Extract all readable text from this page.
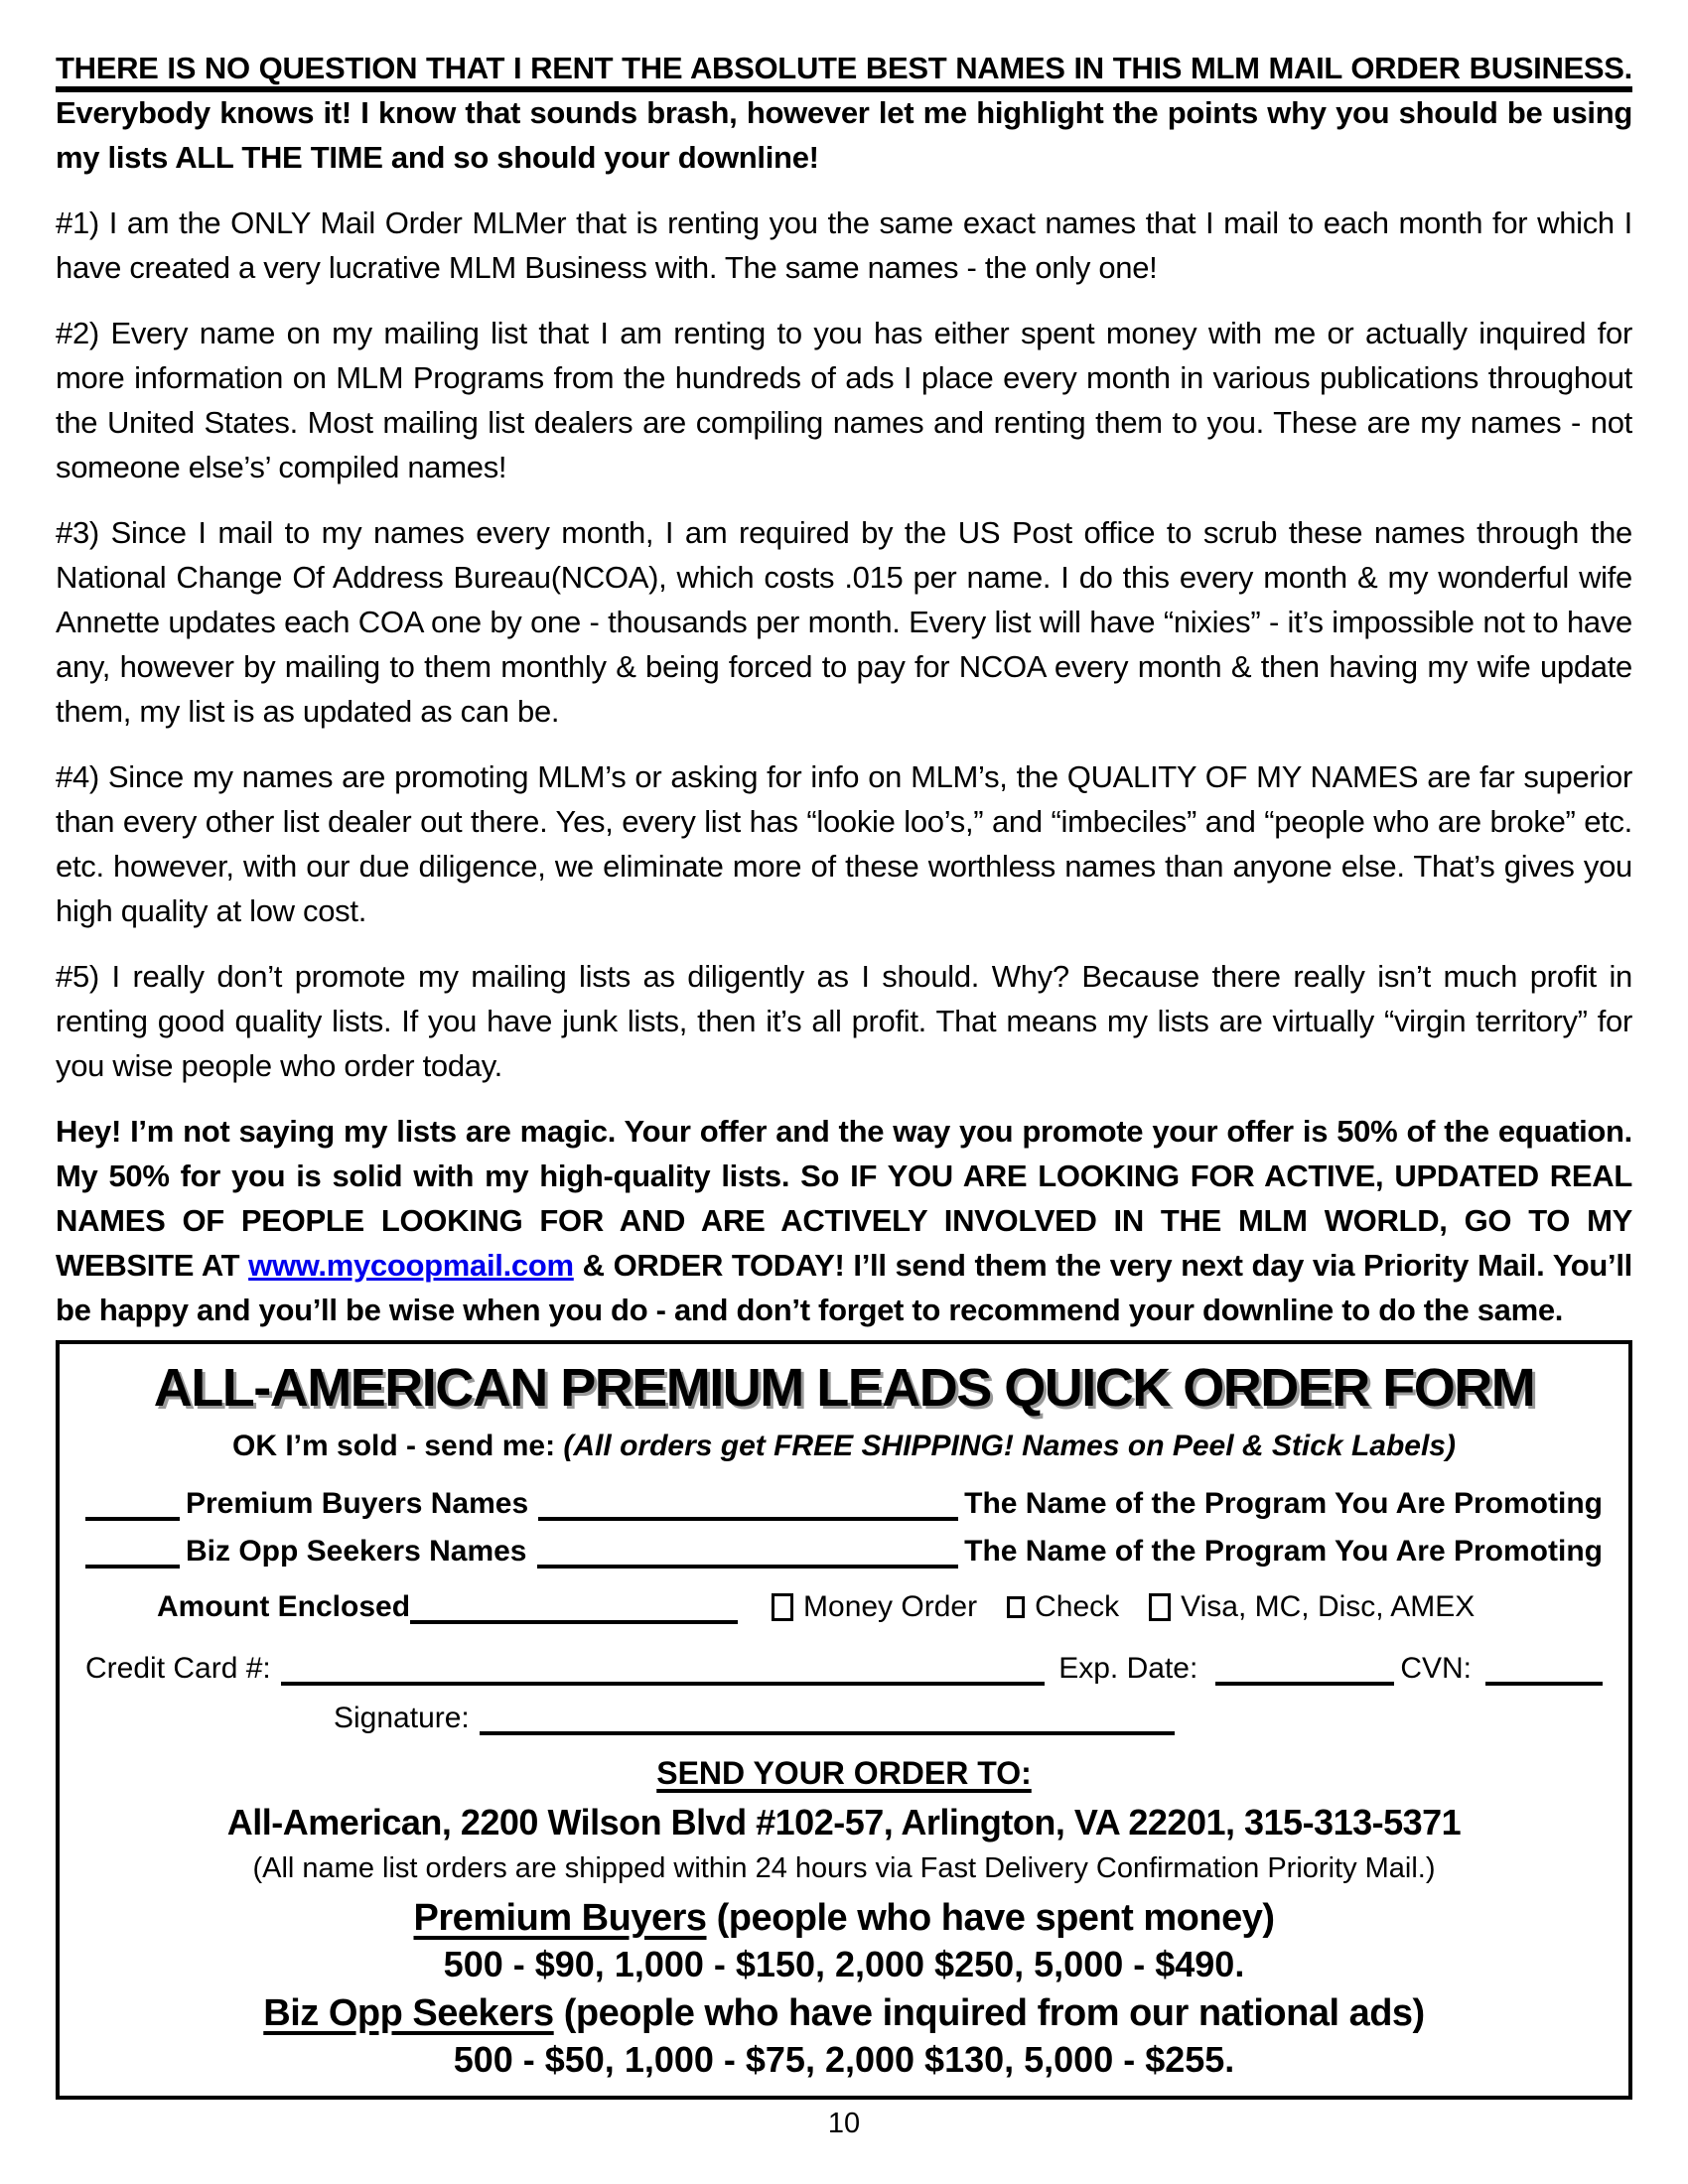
THERE IS NO QUESTION THAT I RENT THE ABSOLUTE BEST NAMES IN THIS MLM MAIL ORDER BUSINESS. Everybody knows it! I know that sounds brash, however let me highlight the points why you should be using my lists ALL THE TIME and so should your downline!

#1) I am the ONLY Mail Order MLMer that is renting you the same exact names that I mail to each month for which I have created a very lucrative MLM Business with. The same names - the only one!

#2) Every name on my mailing list that I am renting to you has either spent money with me or actually inquired for more information on MLM Programs from the hundreds of ads I place every month in various publications throughout the United States. Most mailing list dealers are compiling names and renting them to you. These are my names - not someone else’s’ compiled names!

#3) Since I mail to my names every month, I am required by the US Post office to scrub these names through the National Change Of Address Bureau(NCOA), which costs .015 per name. I do this every month & my wonderful wife Annette updates each COA one by one - thousands per month. Every list will have “nixies” - it’s impossible not to have any, however by mailing to them monthly & being forced to pay for NCOA every month & then having my wife update them, my list is as updated as can be.

#4) Since my names are promoting MLM’s or asking for info on MLM’s, the QUALITY OF MY NAMES are far superior than every other list dealer out there. Yes, every list has “lookie loo’s,” and “imbeciles” and “people who are broke” etc. etc. however, with our due diligence, we eliminate more of these worthless names than anyone else. That’s gives you high quality at low cost.

#5) I really don’t promote my mailing lists as diligently as I should. Why? Because there really isn’t much profit in renting good quality lists. If you have junk lists, then it’s all profit. That means my lists are virtually “virgin territory” for you wise people who order today.

Hey! I’m not saying my lists are magic. Your offer and the way you promote your offer is 50% of the equation. My 50% for you is solid with my high-quality lists. So IF YOU ARE LOOKING FOR ACTIVE, UPDATED REAL NAMES OF PEOPLE LOOKING FOR AND ARE ACTIVELY INVOLVED IN THE MLM WORLD, GO TO MY WEBSITE AT www.mycoopmail.com & ORDER TODAY! I’ll send them the very next day via Priority Mail. You’ll be happy and you’ll be wise when you do - and don’t forget to recommend your downline to do the same.

ALL-AMERICAN PREMIUM LEADS QUICK ORDER FORM
OK I’m sold - send me: (All orders get FREE SHIPPING! Names on Peel & Stick Labels)
Premium Buyers Names	The Name of the Program You Are Promoting
Biz Opp Seekers Names	The Name of the Program You Are Promoting
Amount Enclosed	Money Order Check Visa, MC, Disc, AMEX
Credit Card #:	Exp. Date:	CVN:
Signature:
SEND YOUR ORDER TO:
All-American, 2200 Wilson Blvd #102-57, Arlington, VA 22201, 315-313-5371
(All name list orders are shipped within 24 hours via Fast Delivery Confirmation Priority Mail.)
Premium Buyers (people who have spent money)
500 - $90, 1,000 - $150, 2,000 $250, 5,000 - $490.
Biz Opp Seekers (people who have inquired from our national ads)
500 - $50, 1,000 - $75, 2,000 $130, 5,000 - $255.
10
